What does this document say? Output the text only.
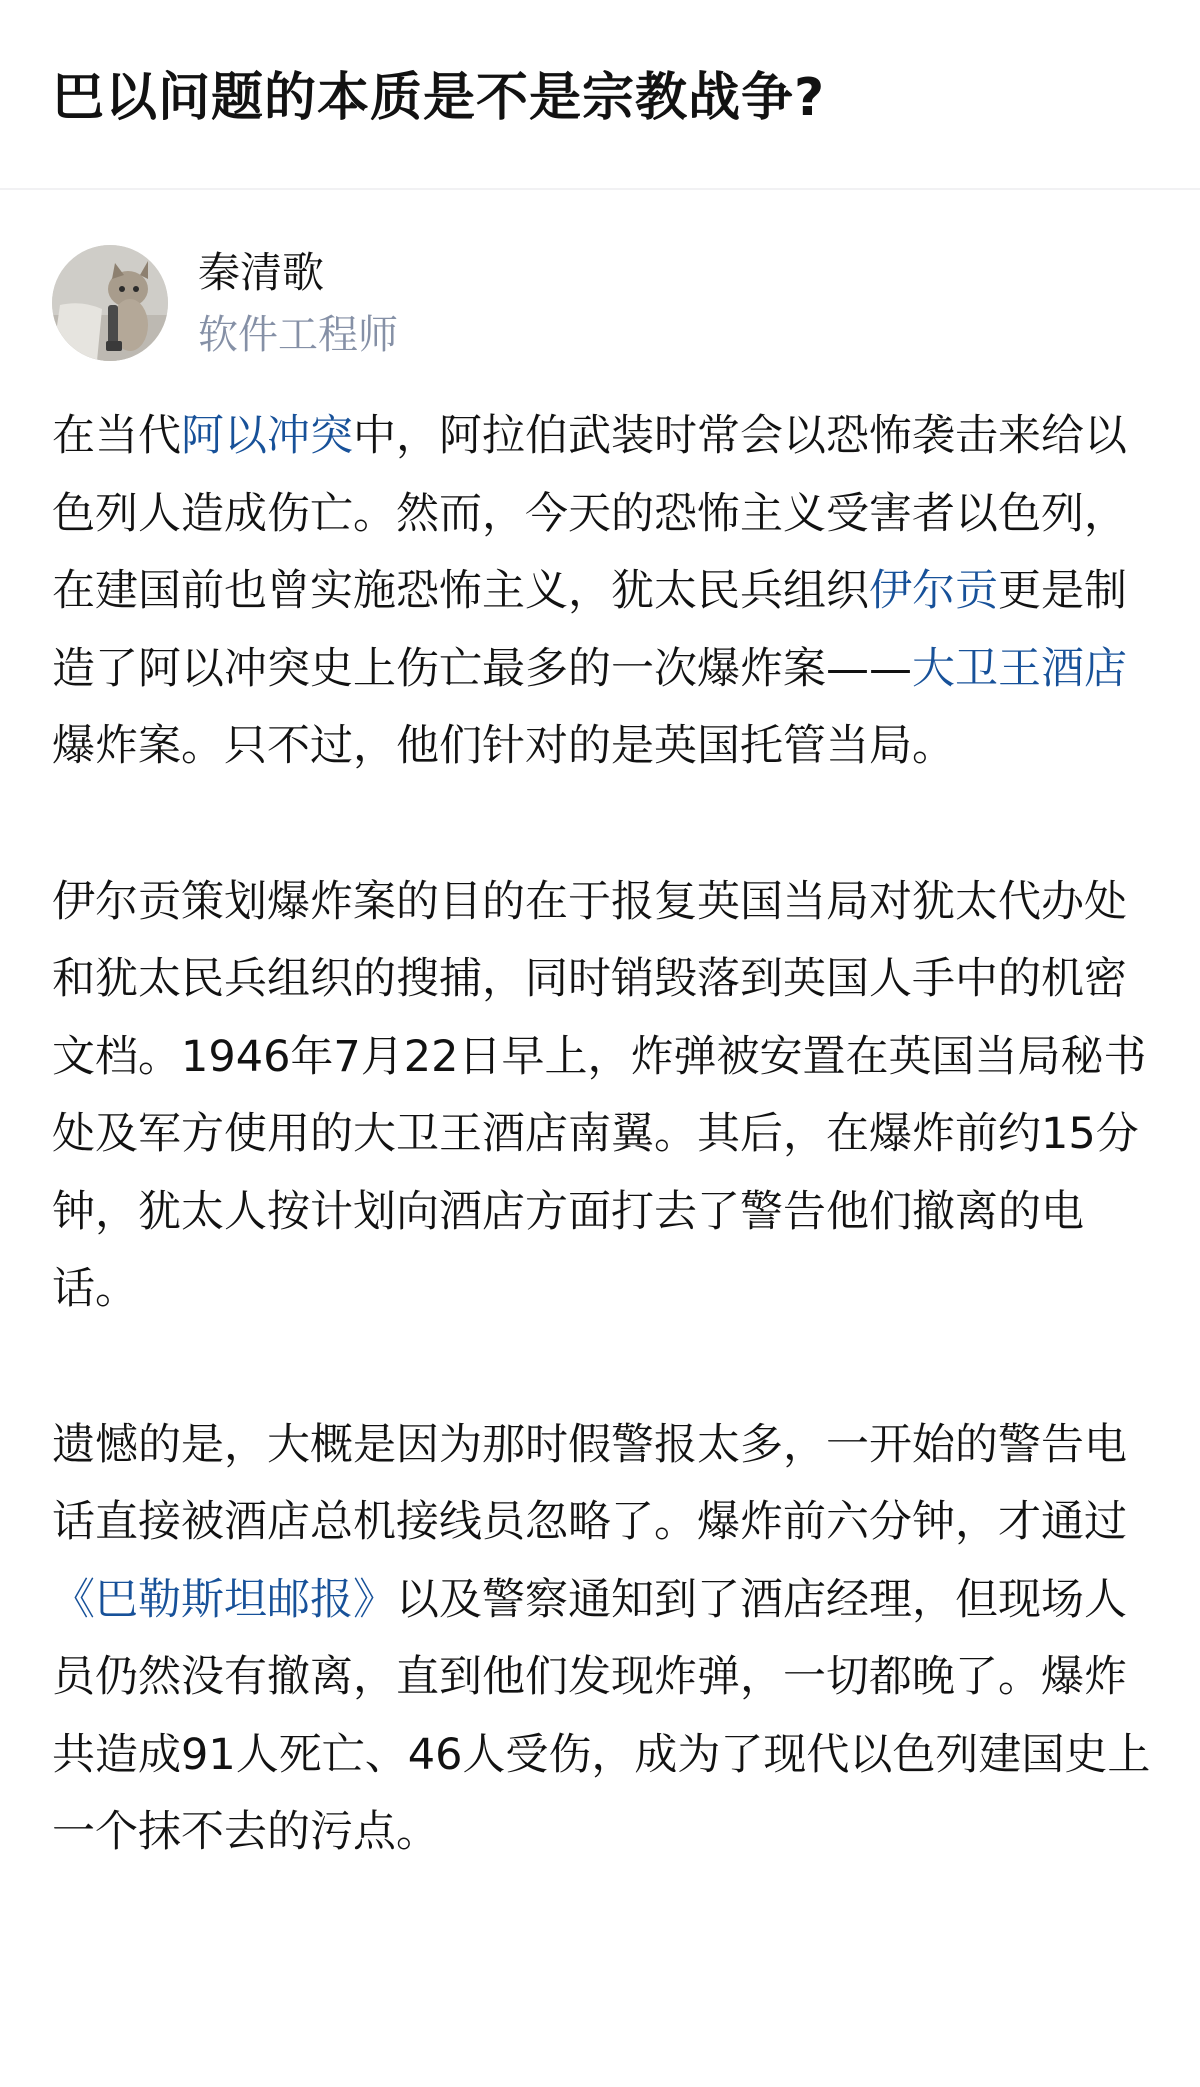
巴以问题的本质是不是宗教战争?
秦清歌
软件工程师

在当代阿以冲突中，阿拉伯武装时常会以恐怖袭击来给以色列人造成伤亡。然而，今天的恐怖主义受害者以色列，在建国前也曾实施恐怖主义，犹太民兵组织伊尔贡更是制造了阿以冲突史上伤亡最多的一次爆炸案——大卫王酒店爆炸案。只不过，他们针对的是英国托管当局。

伊尔贡策划爆炸案的目的在于报复英国当局对犹太代办处和犹太民兵组织的搜捕，同时销毁落到英国人手中的机密文档。1946年7月22日早上，炸弹被安置在英国当局秘书处及军方使用的大卫王酒店南翼。其后，在爆炸前约15分钟，犹太人按计划向酒店方面打去了警告他们撤离的电话。

遗憾的是，大概是因为那时假警报太多，一开始的警告电话直接被酒店总机接线员忽略了。爆炸前六分钟，才通过《巴勒斯坦邮报》以及警察通知到了酒店经理，但现场人员仍然没有撤离，直到他们发现炸弹，一切都晚了。爆炸共造成91人死亡、46人受伤，成为了现代以色列建国史上一个抹不去的污点。
